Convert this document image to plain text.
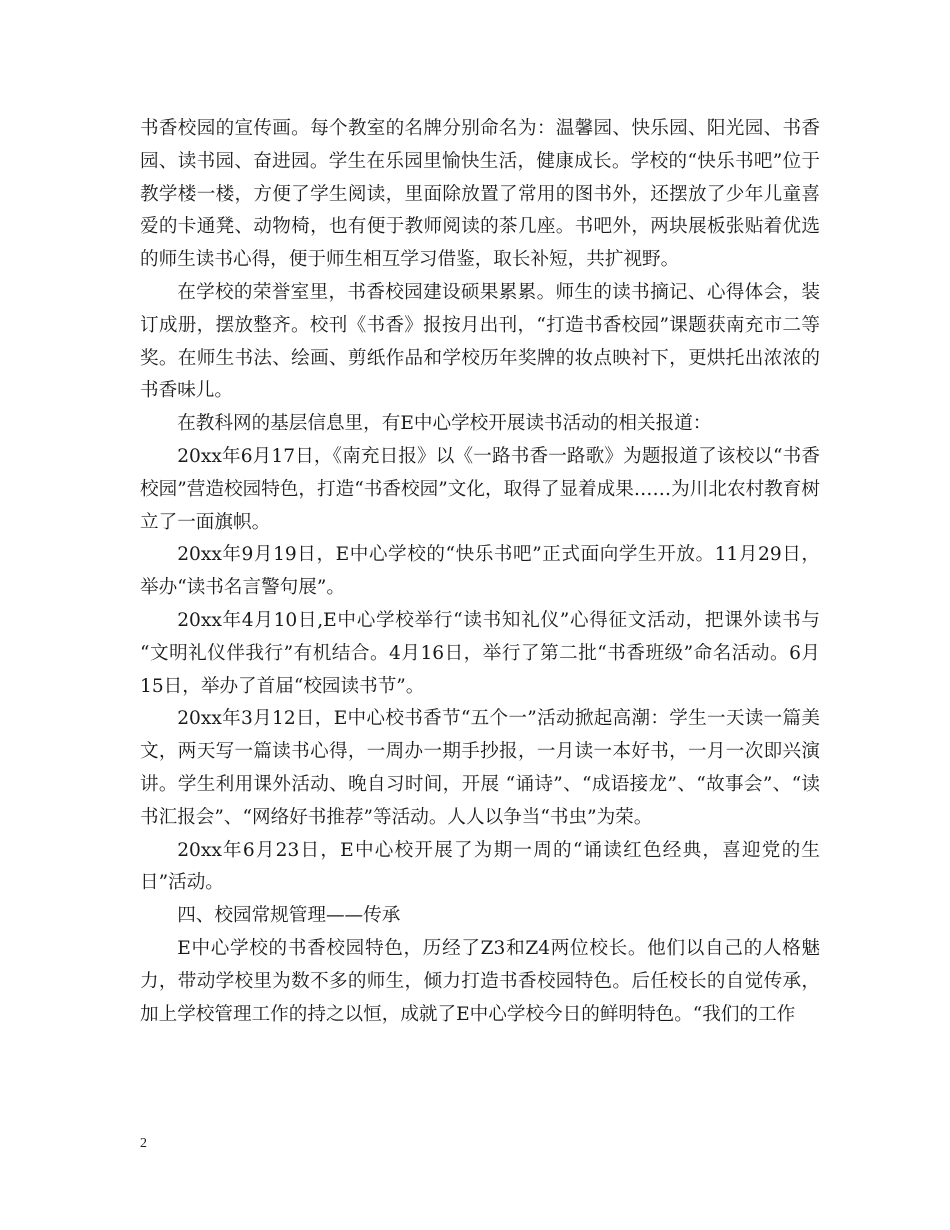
书香校园的宣传画。每个教室的名牌分别命名为：温馨园、快乐园、阳光园、书香园、读书园、奋进园。学生在乐园里愉快生活，健康成长。学校的“快乐书吧”位于教学楼一楼，方便了学生阅读，里面除放置了常用的图书外，还摆放了少年儿童喜爱的卡通凳、动物椅，也有便于教师阅读的茶几座。书吧外，两块展板张贴着优选的师生读书心得，便于师生相互学习借鉴，取长补短，共扩视野。

在学校的荣誉室里，书香校园建设硕果累累。师生的读书摘记、心得体会，装订成册，摆放整齐。校刊《书香》报按月出刊，“打造书香校园”课题获南充市二等奖。在师生书法、绘画、剪纸作品和学校历年奖牌的妆点映衬下，更烘托出浓浓的书香味儿。

在教科网的基层信息里，有E中心学校开展读书活动的相关报道：

20xx年6月17日，《南充日报》以《一路书香一路歌》为题报道了该校以“书香校园”营造校园特色，打造“书香校园”文化，取得了显着成果……为川北农村教育树立了一面旗帜。

20xx年9月19日，E中心学校的“快乐书吧”正式面向学生开放。11月29日，举办“读书名言警句展”。

20xx年4月10日,E中心学校举行“读书知礼仪”心得征文活动，把课外读书与 “文明礼仪伴我行”有机结合。4月16日，举行了第二批“书香班级”命名活动。6月15日，举办了首届“校园读书节”。

20xx年3月12日，E中心校书香节“五个一”活动掀起高潮：学生一天读一篇美文，两天写一篇读书心得，一周办一期手抄报，一月读一本好书，一月一次即兴演讲。学生利用课外活动、晚自习时间，开展 “诵诗”、“成语接龙”、“故事会”、“读书汇报会”、“网络好书推荐”等活动。人人以争当“书虫”为荣。

20xx年6月23日，E中心校开展了为期一周的“诵读红色经典，喜迎党的生日”活动。

四、校园常规管理——传承

E中心学校的书香校园特色，历经了Z3和Z4两位校长。他们以自己的人格魅力，带动学校里为数不多的师生，倾力打造书香校园特色。后任校长的自觉传承，加上学校管理工作的持之以恒，成就了E中心学校今日的鲜明特色。“我们的工作

2
